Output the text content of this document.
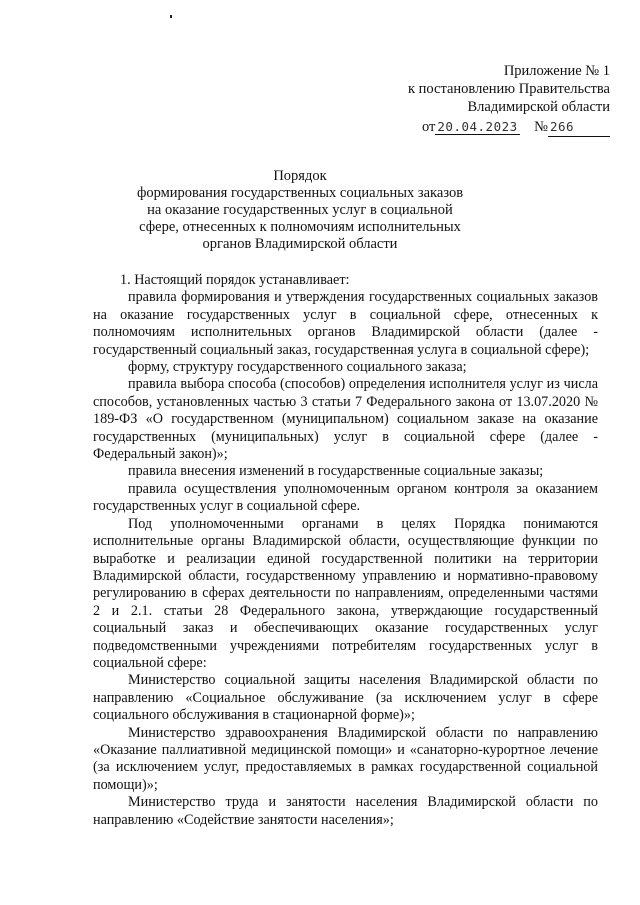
Приложение № 1
к постановлению Правительства
Владимирской области
от 20.04.2023 № 266
Порядок
формирования государственных социальных заказов
на оказание государственных услуг в социальной
сфере, отнесенных к полномочиям исполнительных
органов Владимирской области

1. Настоящий порядок устанавливает:

правила формирования и утверждения государственных социальных заказов на оказание государственных услуг в социальной сфере, отнесенных к полномочиям исполнительных органов Владимирской области (далее - государственный социальный заказ, государственная услуга в социальной сфере);

форму, структуру государственного социального заказа;

правила выбора способа (способов) определения исполнителя услуг из числа способов, установленных частью 3 статьи 7 Федерального закона от 13.07.2020 № 189-ФЗ «О государственном (муниципальном) социальном заказе на оказание государственных (муниципальных) услуг в социальной сфере (далее - Федеральный закон)»;

правила внесения изменений в государственные социальные заказы;

правила осуществления уполномоченным органом контроля за оказанием государственных услуг в социальной сфере.

Под уполномоченными органами в целях Порядка понимаются исполнительные органы Владимирской области, осуществляющие функции по выработке и реализации единой государственной политики на территории Владимирской области, государственному управлению и нормативно-правовому регулированию в сферах деятельности по направлениям, определенными частями 2 и 2.1. статьи 28 Федерального закона, утверждающие государственный социальный заказ и обеспечивающих оказание государственных услуг подведомственными учреждениями потребителям государственных услуг в социальной сфере:

Министерство социальной защиты населения Владимирской области по направлению «Социальное обслуживание (за исключением услуг в сфере социального обслуживания в стационарной форме)»;

Министерство здравоохранения Владимирской области по направлению «Оказание паллиативной медицинской помощи» и «санаторно-курортное лечение (за исключением услуг, предоставляемых в рамках государственной социальной помощи)»;

Министерство труда и занятости населения Владимирской области по направлению «Содействие занятости населения»;
